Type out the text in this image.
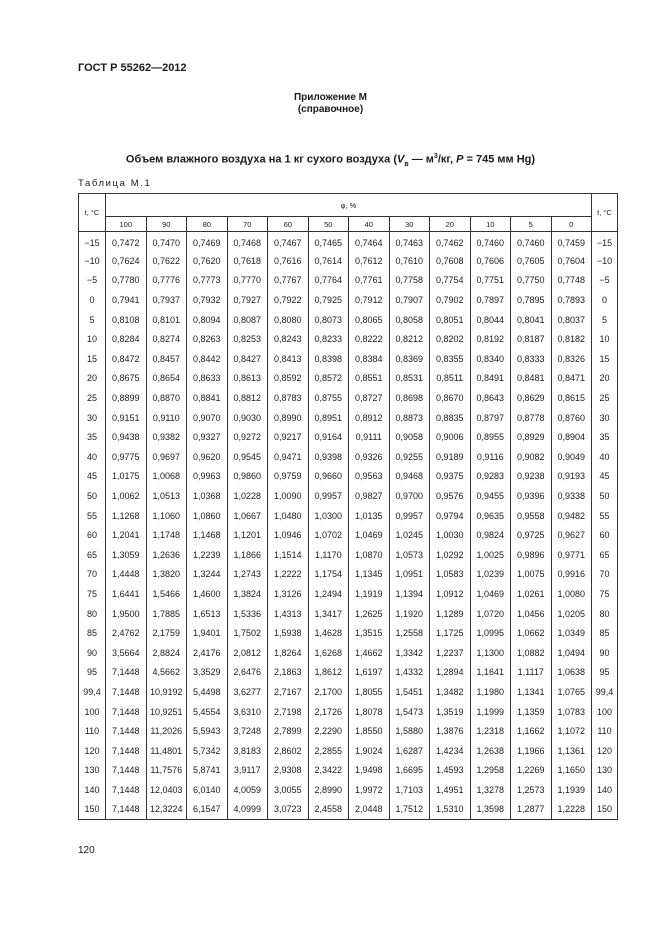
ГОСТ Р 55262—2012
Приложение М
(справочное)
Объем влажного воздуха на 1 кг сухого воздуха ($V_в$ — $м^3/кг$, P = 745 мм Hg)
Таблица М.1
t, °C	φ, %												t, °C
	100	90	80	70	60	50	40	30	20	10	5	0	
−15	0,7472	0,7470	0,7469	0,7468	0,7467	0,7465	0,7464	0,7463	0,7462	0,7460	0,7460	0,7459	−15
−10	0,7624	0,7622	0,7620	0,7618	0,7616	0,7614	0,7612	0,7610	0,7608	0,7606	0,7605	0,7604	−10
−5	0,7780	0,7776	0,7773	0,7770	0,7767	0,7764	0,7761	0,7758	0,7754	0,7751	0,7750	0,7748	−5
0	0,7941	0,7937	0,7932	0,7927	0,7922	0,7925	0,7912	0,7907	0,7902	0,7897	0,7895	0,7893	0
5	0,8108	0,8101	0,8094	0,8087	0,8080	0,8073	0,8065	0,8058	0,8051	0,8044	0,8041	0,8037	5
10	0,8284	0,8274	0,8263	0,8253	0,8243	0,8233	0,8222	0,8212	0,8202	0,8192	0,8187	0,8182	10
15	0,8472	0,8457	0,8442	0,8427	0,8413	0,8398	0,8384	0,8369	0,8355	0,8340	0,8333	0,8326	15
20	0,8675	0,8654	0,8633	0,8613	0,8592	0,8572	0,8551	0,8531	0,8511	0,8491	0,8481	0,8471	20
25	0,8899	0,8870	0,8841	0,8812	0,8783	0,8755	0,8727	0,8698	0,8670	0,8643	0,8629	0,8615	25
30	0,9151	0,9110	0,9070	0,9030	0,8990	0,8951	0,8912	0,8873	0,8835	0,8797	0,8778	0,8760	30
35	0,9438	0,9382	0,9327	0,9272	0,9217	0,9164	0,9111	0,9058	0,9006	0,8955	0,8929	0,8904	35
40	0,9775	0,9697	0,9620	0,9545	0,9471	0,9398	0,9326	0,9255	0,9189	0,9116	0,9082	0,9049	40
45	1,0175	1,0068	0,9963	0,9860	0,9759	0,9660	0,9563	0,9468	0,9375	0,9283	0,9238	0,9193	45
50	1,0062	1,0513	1,0368	1,0228	1,0090	0,9957	0,9827	0,9700	0,9576	0,9455	0,9396	0,9338	50
55	1,1268	1,1060	1,0860	1,0667	1,0480	1,0300	1,0135	0,9957	0,9794	0,9635	0,9558	0,9482	55
60	1,2041	1,1748	1,1468	1,1201	1,0946	1,0702	1,0469	1,0245	1,0030	0,9824	0,9725	0,9627	60
65	1,3059	1,2636	1,2239	1,1866	1,1514	1,1170	1,0870	1,0573	1,0292	1,0025	0,9896	0,9771	65
70	1,4448	1,3820	1,3244	1,2743	1,2222	1,1754	1,1345	1,0951	1,0583	1,0239	1,0075	0,9916	70
75	1,6441	1,5466	1,4600	1,3824	1,3126	1,2494	1,1919	1,1394	1,0912	1,0469	1,0261	1,0080	75
80	1,9500	1,7885	1,6513	1,5336	1,4313	1,3417	1,2625	1,1920	1,1289	1,0720	1,0456	1,0205	80
85	2,4762	2,1759	1,9401	1,7502	1,5938	1,4628	1,3515	1,2558	1,1725	1,0995	1,0662	1,0349	85
90	3,5664	2,8824	2,4176	2,0812	1,8264	1,6268	1,4662	1,3342	1,2237	1,1300	1,0882	1,0494	90
95	7,1448	4,5662	3,3529	2,6476	2,1863	1,8612	1,6197	1,4332	1,2894	1,1641	1,1117	1,0638	95
99,4	7,1448	10,9192	5,4498	3,6277	2,7167	2,1700	1,8055	1,5451	1,3482	1,1980	1,1341	1,0765	99,4
100	7,1448	10,9251	5,4554	3,6310	2,7198	2,1726	1,8078	1,5473	1,3519	1,1999	1,1359	1,0783	100
110	7,1448	11,2026	5,5943	3,7248	2,7899	2,2290	1,8550	1,5880	1,3876	1,2318	1,1662	1,1072	110
120	7,1448	11,4801	5,7342	3,8183	2,8602	2,2855	1,9024	1,6287	1,4234	1,2638	1,1966	1,1361	120
130	7,1448	11,7576	5,8741	3,9117	2,9308	2,3422	1,9498	1,6695	1,4593	1,2958	1,2269	1,1650	130
140	7,1448	12,0403	6,0140	4,0059	3,0055	2,8990	1,9972	1,7103	1,4951	1,3278	1,2573	1,1939	140
150	7,1448	12,3224	6,1547	4,0999	3,0723	2,4558	2,0448	1,7512	1,5310	1,3598	1,2877	1,2228	150
120
